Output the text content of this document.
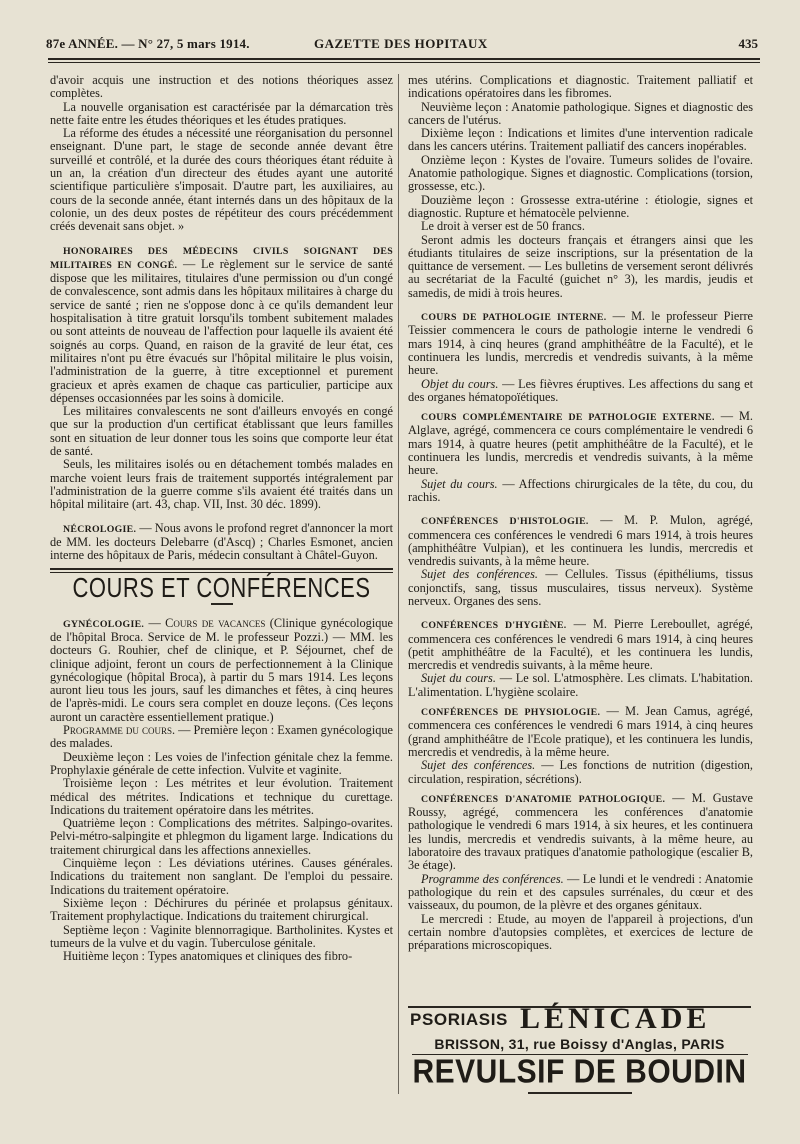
87e ANNÉE. — N° 27, 5 mars 1914.	GAZETTE DES HOPITAUX	435

d'avoir acquis une instruction et des notions théoriques assez complètes.

La nouvelle organisation est caractérisée par la démarcation très nette faite entre les études théoriques et les études pratiques.

La réforme des études a nécessité une réorganisation du personnel enseignant. D'une part, le stage de seconde année devant être surveillé et contrôlé, et la durée des cours théoriques étant réduite à un an, la création d'un directeur des études ayant une autorité scientifique particulière s'imposait. D'autre part, les auxiliaires, au cours de la seconde année, étant internés dans un des hôpitaux de la colonie, un des deux postes de répétiteur des cours précédemment créés devenait sans objet. »

HONORAIRES DES MÉDECINS CIVILS SOIGNANT DES MILITAIRES EN CONGÉ. — Le règlement sur le service de santé dispose que les militaires, titulaires d'une permission ou d'un congé de convalescence, sont admis dans les hôpitaux militaires à charge du service de santé ; rien ne s'oppose donc à ce qu'ils demandent leur hospitalisation à titre gratuit lorsqu'ils tombent subitement malades ou sont atteints de nouveau de l'affection pour laquelle ils avaient été soignés au corps. Quand, en raison de la gravité de leur état, ces militaires n'ont pu être évacués sur l'hôpital militaire le plus voisin, l'administration de la guerre, à titre exceptionnel et purement gracieux et après examen de chaque cas particulier, participe aux dépenses occasionnées par les soins à domicile.

Les militaires convalescents ne sont d'ailleurs envoyés en congé que sur la production d'un certificat établissant que leurs familles sont en situation de leur donner tous les soins que comporte leur état de santé.

Seuls, les militaires isolés ou en détachement tombés malades en marche voient leurs frais de traitement supportés intégralement par l'administration de la guerre comme s'ils avaient été traités dans un hôpital militaire (art. 43, chap. VII, Inst. 30 déc. 1899).

NÉCROLOGIE. — Nous avons le profond regret d'annoncer la mort de MM. les docteurs Delebarre (d'Ascq) ; Charles Esmonet, ancien interne des hôpitaux de Paris, médecin consultant à Châtel-Guyon.

COURS ET CONFÉRENCES

GYNÉCOLOGIE. — Cours de vacances (Clinique gynécologique de l'hôpital Broca. Service de M. le professeur Pozzi.) — MM. les docteurs G. Rouhier, chef de clinique, et P. Séjournet, chef de clinique adjoint, feront un cours de perfectionnement à la Clinique gynécologique (hôpital Broca), à partir du 5 mars 1914. Les leçons auront lieu tous les jours, sauf les dimanches et fêtes, à cinq heures de l'après-midi. Le cours sera complet en douze leçons. (Ces leçons auront un caractère essentiellement pratique.)

Programme du cours. — Première leçon : Examen gynécologique des malades.

Deuxième leçon : Les voies de l'infection génitale chez la femme. Prophylaxie générale de cette infection. Vulvite et vaginite.

Troisième leçon : Les métrites et leur évolution. Traitement médical des métrites. Indications et technique du curettage. Indications du traitement opératoire dans les métrites.

Quatrième leçon : Complications des métrites. Salpingo-ovarites. Pelvi-métro-salpingite et phlegmon du ligament large. Indications du traitement chirurgical dans les affections annexielles.

Cinquième leçon : Les déviations utérines. Causes générales. Indications du traitement non sanglant. De l'emploi du pessaire. Indications du traitement opératoire.

Sixième leçon : Déchirures du périnée et prolapsus génitaux. Traitement prophylactique. Indications du traitement chirurgical.

Septième leçon : Vaginite blennorragique. Bartholinites. Kystes et tumeurs de la vulve et du vagin. Tuberculose génitale.

Huitième leçon : Types anatomiques et cliniques des fibro-

mes utérins. Complications et diagnostic. Traitement palliatif et indications opératoires dans les fibromes.

Neuvième leçon : Anatomie pathologique. Signes et diagnostic des cancers de l'utérus.

Dixième leçon : Indications et limites d'une intervention radicale dans les cancers utérins. Traitement palliatif des cancers inopérables.

Onzième leçon : Kystes de l'ovaire. Tumeurs solides de l'ovaire. Anatomie pathologique. Signes et diagnostic. Complications (torsion, grossesse, etc.).

Douzième leçon : Grossesse extra-utérine : étiologie, signes et diagnostic. Rupture et hématocèle pelvienne.

Le droit à verser est de 50 francs.

Seront admis les docteurs français et étrangers ainsi que les étudiants titulaires de seize inscriptions, sur la présentation de la quittance de versement. — Les bulletins de versement seront délivrés au secrétariat de la Faculté (guichet n° 3), les mardis, jeudis et samedis, de midi à trois heures.

COURS DE PATHOLOGIE INTERNE. — M. le professeur Pierre Teissier commencera le cours de pathologie interne le vendredi 6 mars 1914, à cinq heures (grand amphithéâtre de la Faculté), et le continuera les lundis, mercredis et vendredis suivants, à la même heure.

Objet du cours. — Les fièvres éruptives. Les affections du sang et des organes hématopoïétiques.

COURS COMPLÉMENTAIRE DE PATHOLOGIE EXTERNE. — M. Alglave, agrégé, commencera ce cours complémentaire le vendredi 6 mars 1914, à quatre heures (petit amphithéâtre de la Faculté), et le continuera les lundis, mercredis et vendredis suivants, à la même heure.

Sujet du cours. — Affections chirurgicales de la tête, du cou, du rachis.

CONFÉRENCES D'HISTOLOGIE. — M. P. Mulon, agrégé, commencera ces conférences le vendredi 6 mars 1914, à trois heures (amphithéâtre Vulpian), et les continuera les lundis, mercredis et vendredis suivants, à la même heure.

Sujet des conférences. — Cellules. Tissus (épithéliums, tissus conjonctifs, sang, tissus musculaires, tissus nerveux). Système nerveux. Organes des sens.

CONFÉRENCES D'HYGIÈNE. — M. Pierre Lereboullet, agrégé, commencera ces conférences le vendredi 6 mars 1914, à cinq heures (petit amphithéâtre de la Faculté), et les continuera les lundis, mercredis et vendredis suivants, à la même heure.

Sujet du cours. — Le sol. L'atmosphère. Les climats. L'habitation. L'alimentation. L'hygiène scolaire.

CONFÉRENCES DE PHYSIOLOGIE. — M. Jean Camus, agrégé, commencera ces conférences le vendredi 6 mars 1914, à cinq heures (grand amphithéâtre de l'Ecole pratique), et les continuera les lundis, mercredis et vendredis, à la même heure.

Sujet des conférences. — Les fonctions de nutrition (digestion, circulation, respiration, sécrétions).

CONFÉRENCES D'ANATOMIE PATHOLOGIQUE. — M. Gustave Roussy, agrégé, commencera les conférences d'anatomie pathologique le vendredi 6 mars 1914, à six heures, et les continuera les lundis, mercredis et vendredis suivants, à la même heure, au laboratoire des travaux pratiques d'anatomie pathologique (escalier B, 3e étage).

Programme des conférences. — Le lundi et le vendredi : Anatomie pathologique du rein et des capsules surrénales, du cœur et des vaisseaux, du poumon, de la plèvre et des organes génitaux.

Le mercredi : Etude, au moyen de l'appareil à projections, d'un certain nombre d'autopsies complètes, et exercices de lecture de préparations microscopiques.

PSORIASIS LÉNICADE
BRISSON, 31, rue Boissy d'Anglas, PARIS
REVULSIF DE BOUDIN
